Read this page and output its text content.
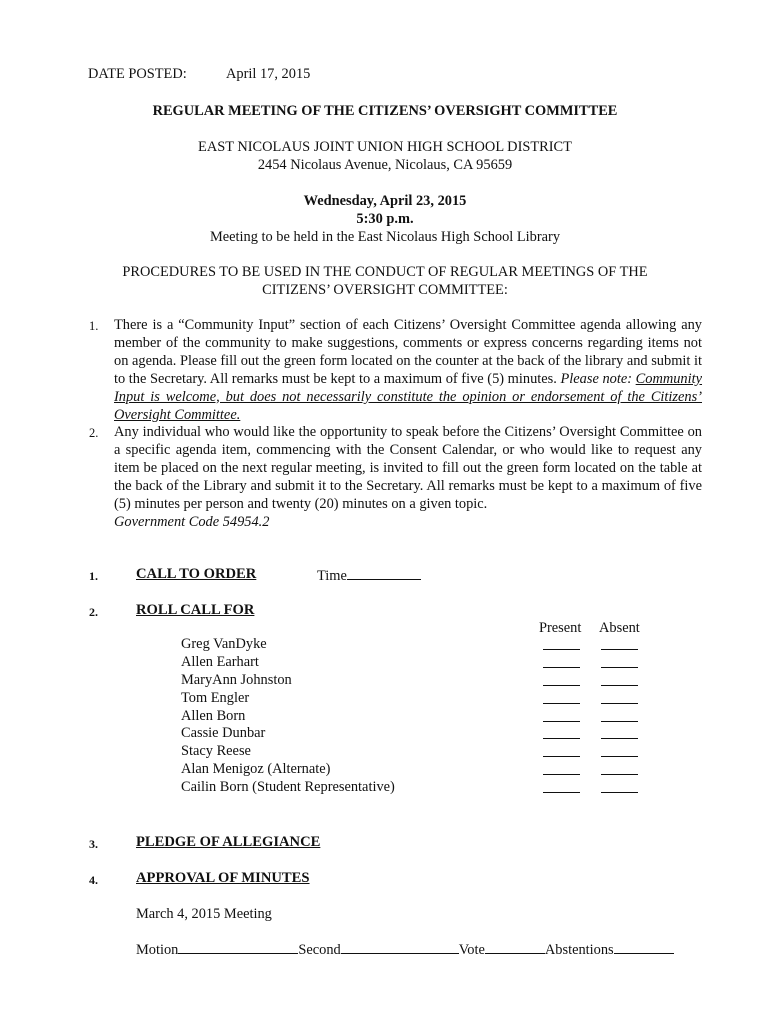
DATE POSTED:	April 17, 2015
REGULAR MEETING OF THE CITIZENS’ OVERSIGHT COMMITTEE
EAST NICOLAUS JOINT UNION HIGH SCHOOL DISTRICT
2454 Nicolaus Avenue, Nicolaus, CA 95659
Wednesday, April 23, 2015
5:30 p.m.
Meeting to be held in the East Nicolaus High School Library
PROCEDURES TO BE USED IN THE CONDUCT OF REGULAR MEETINGS OF THE
CITIZENS’ OVERSIGHT COMMITTEE:
1.	There is a “Community Input” section of each Citizens’ Oversight Committee agenda allowing any member of the community to make suggestions, comments or express concerns regarding items not on agenda. Please fill out the green form located on the counter at the back of the library and submit it to the Secretary. All remarks must be kept to a maximum of five (5) minutes. Please note: Community Input is welcome, but does not necessarily constitute the opinion or endorsement of the Citizens’ Oversight Committee.
2.	Any individual who would like the opportunity to speak before the Citizens’ Oversight Committee on a specific agenda item, commencing with the Consent Calendar, or who would like to request any item be placed on the next regular meeting, is invited to fill out the green form located on the table at the back of the Library and submit it to the Secretary. All remarks must be kept to a maximum of five (5) minutes per person and twenty (20) minutes on a given topic.
Government Code 54954.2
1.	CALL TO ORDER	Time
2.	ROLL CALL FOR
Present Absent
Greg VanDyke
Allen Earhart
MaryAnn Johnston
Tom Engler
Allen Born
Cassie Dunbar
Stacy Reese
Alan Menigoz (Alternate)
Cailin Born (Student Representative)
3.	PLEDGE OF ALLEGIANCE
4.	APPROVAL OF MINUTES
March 4, 2015 Meeting
Motion	Second	Vote	Abstentions
